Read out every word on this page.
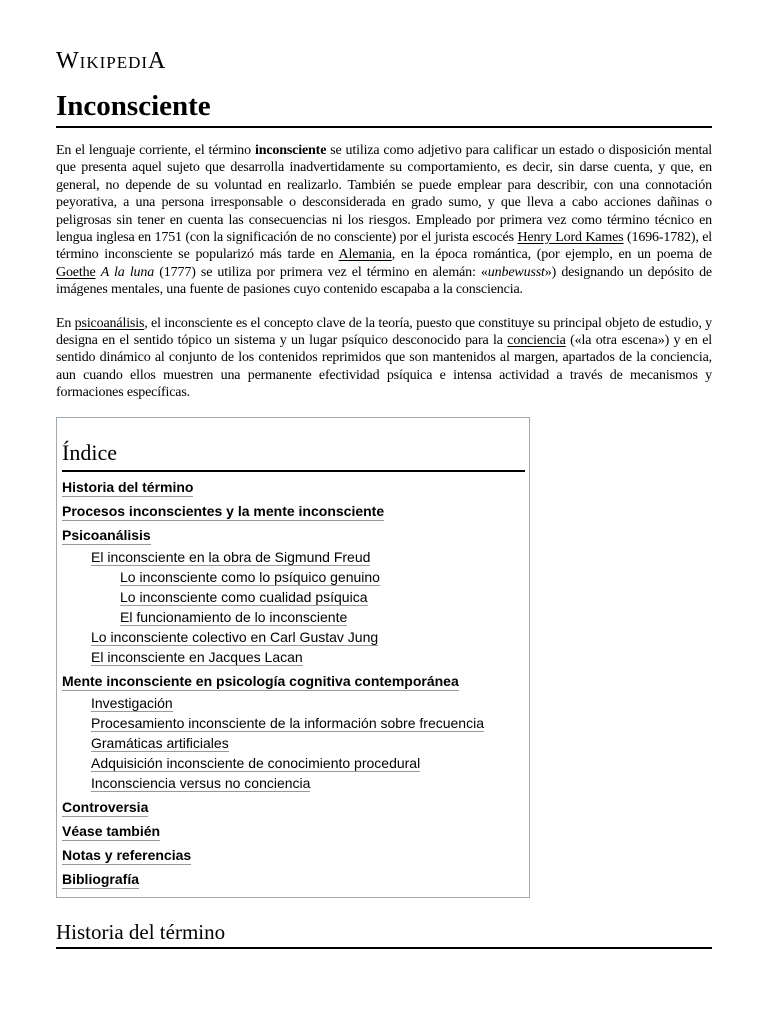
WIKIPEDIA
Inconsciente

En el lenguaje corriente, el término inconsciente se utiliza como adjetivo para calificar un estado o disposición mental que presenta aquel sujeto que desarrolla inadvertidamente su comportamiento, es decir, sin darse cuenta, y que, en general, no depende de su voluntad en realizarlo. También se puede emplear para describir, con una connotación peyorativa, a una persona irresponsable o desconsiderada en grado sumo, y que lleva a cabo acciones dañinas o peligrosas sin tener en cuenta las consecuencias ni los riesgos. Empleado por primera vez como término técnico en lengua inglesa en 1751 (con la significación de no consciente) por el jurista escocés Henry Lord Kames (1696-1782), el término inconsciente se popularizó más tarde en Alemania, en la época romántica, (por ejemplo, en un poema de Goethe A la luna (1777) se utiliza por primera vez el término en alemán: «unbewusst») designando un depósito de imágenes mentales, una fuente de pasiones cuyo contenido escapaba a la consciencia.

En psicoanálisis, el inconsciente es el concepto clave de la teoría, puesto que constituye su principal objeto de estudio, y designa en el sentido tópico un sistema y un lugar psíquico desconocido para la conciencia («la otra escena») y en el sentido dinámico al conjunto de los contenidos reprimidos que son mantenidos al margen, apartados de la conciencia, aun cuando ellos muestren una permanente efectividad psíquica e intensa actividad a través de mecanismos y formaciones específicas.

Índice
Historia del término
Procesos inconscientes y la mente inconsciente
Psicoanálisis
El inconsciente en la obra de Sigmund Freud
Lo inconsciente como lo psíquico genuino
Lo inconsciente como cualidad psíquica
El funcionamiento de lo inconsciente
Lo inconsciente colectivo en Carl Gustav Jung
El inconsciente en Jacques Lacan
Mente inconsciente en psicología cognitiva contemporánea
Investigación
Procesamiento inconsciente de la información sobre frecuencia
Gramáticas artificiales
Adquisición inconsciente de conocimiento procedural
Inconsciencia versus no conciencia
Controversia
Véase también
Notas y referencias
Bibliografía
Historia del término
